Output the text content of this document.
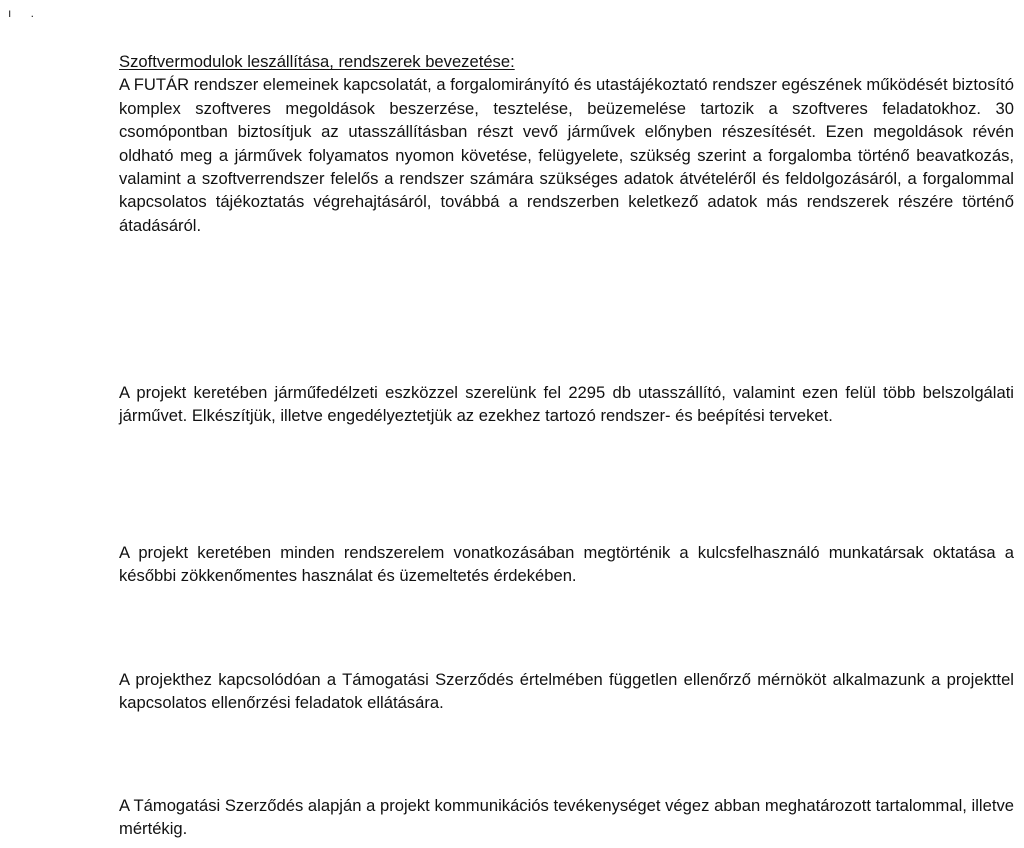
ı .
Szoftvermodulok leszállítása, rendszerek bevezetése:
A FUTÁR rendszer elemeinek kapcsolatát, a forgalomirányító és utastájékoztató rendszer egészének működését biztosító komplex szoftveres megoldások beszerzése, tesztelése, beüzemelése tartozik a szoftveres feladatokhoz. 30 csomópontban biztosítjuk az utasszállításban részt vevő járművek előnyben részesítését. Ezen megoldások révén oldható meg a járművek folyamatos nyomon követése, felügyelete, szükség szerint a forgalomba történő beavatkozás, valamint a szoftverrendszer felelős a rendszer számára szükséges adatok átvételéről és feldolgozásáról, a forgalommal kapcsolatos tájékoztatás végrehajtásáról, továbbá a rendszerben keletkező adatok más rendszerek részére történő átadásáról.
A projekt keretében járműfedélzeti eszközzel szerelünk fel 2295 db utasszállító, valamint ezen felül több belszolgálati járművet. Elkészítjük, illetve engedélyeztetjük az ezekhez tartozó rendszer- és beépítési terveket.
A projekt keretében minden rendszerelem vonatkozásában megtörténik a kulcsfelhasználó munkatársak oktatása a későbbi zökkenőmentes használat és üzemeltetés érdekében.
A projekthez kapcsolódóan a Támogatási Szerződés értelmében független ellenőrző mérnököt alkalmazunk a projekttel kapcsolatos ellenőrzési feladatok ellátására.
A Támogatási Szerződés alapján a projekt kommunikációs tevékenységet végez abban meghatározott tartalommal, illetve mértékig.
